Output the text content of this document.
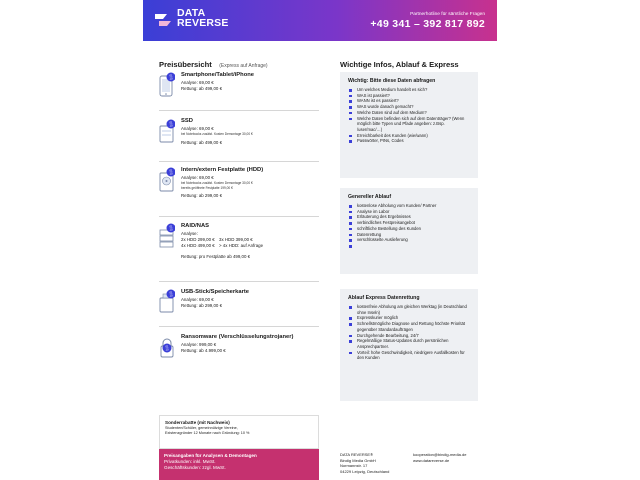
DATA
REVERSE
Partnerhotline für sämtliche Fragen
+49 341 – 392 817 892
Preisübersicht (Express auf Anfrage)
01
10
Smartphone/Tablet/iPhone
Analyse: 69,00 €
Rettung: ab 499,00 €
01
10
SSD
Analyse: 69,00 €
bei Notebooks zusätzl. Kosten Demontage 30,00 €
Rettung: ab 499,00 €
01
10
Intern/extern Festplatte (HDD)
Analyse: 69,00 €
bei Notebooks zusätzl. Kosten Demontage 30,00 €
bereits geöffnete Festplatte 199,00 €
Rettung: ab 299,00 €
01
10
RAID/NAS
Analyse:
2x HDD 299,00 € 3x HDD 399,00 €
4x HDD 499,00 € > 4x HDD: auf Anfrage
Rettung: pro Festplatte ab 499,00 €
01
10
USB-Stick/Speicherkarte
Analyse: 69,00 €
Rettung: ab 299,00 €
01
10
Ransomware (Verschlüsselungstrojaner)
Analyse: 999,00 €
Rettung: ab 4.999,00 €
Wichtige Infos, Ablauf & Express
Wichtig: Bitte diese Daten abfragen
Um welches Medium handelt es sich?
WAS ist passiert?
WANN ist es passiert?
WAS wurde danach gemacht?
Welche Daten sind auf dem Medium?
Welche Daten befinden sich auf dem Datenträger? (Wenn möglich bitte Typen und Pfade angeben: z.Bsp. /user/mac/…)
Erreichbarkeit des Kunden (wie/wann)
Passwörter, PINs, Codes
Genereller Ablauf
kostenlose Abholung vom Kunden/ Partner
Analyse im Labor
Erläuterung des Ergebnisses
verbindliches Festpreisangebot
schriftliche Bestellung des Kunden
Datenrettung
verschlüsselte Auslieferung
Ablauf Express Datenrettung
kostenfreie Abholung am gleichen Werktag (in Deutschland ohne Inseln)
Expresskurier möglich
Schnellstmögliche Diagnose und Rettung höchste Priorität gegenüber Standardaufträgen
Durchgehende Bearbeitung, 24/7
Regelmäßige Status-Updates durch persönlichen Ansprechpartner.
Vorteil: hohe Geschwindigkeit, niedrigere Ausfallkosten für den Kunden
Sonderrabatte (mit Nachweis)
Studenten/Schüler, gemeinnützige Vereine,
Existenzgründer 12 Monate nach Gründung: 10 %
Preisangaben für Analysen & Demontagen
Privatkunden: inkl. MwSt.
Geschäftskunden: zzgl. MwSt.
DATA REVERSE®
Bindig Media GmbH
Normannstr. 17
04229 Leipzig, Deutschland
kooperation@bindig-media.de
www.datareverse.de
